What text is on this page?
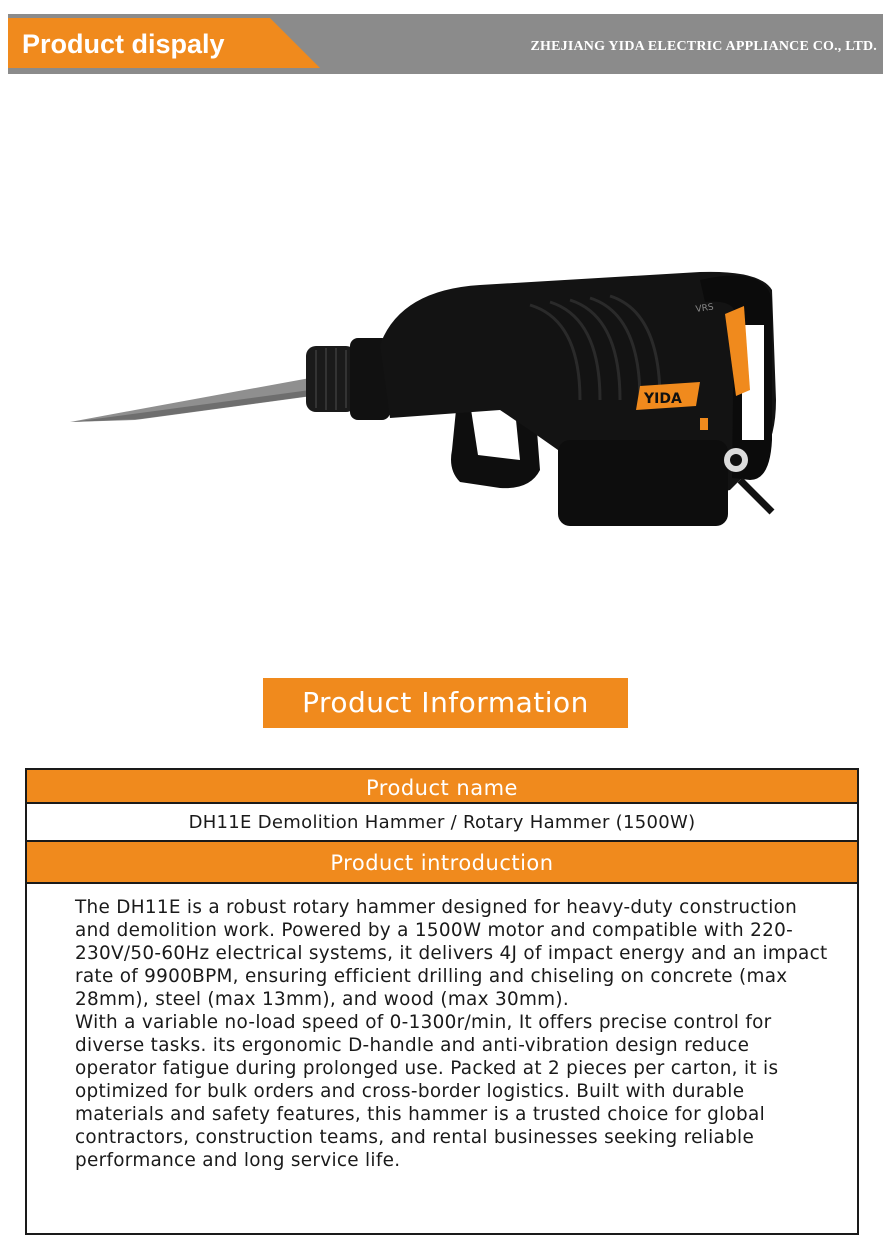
Product dispaly	ZHEJIANG YIDA ELECTRIC APPLIANCE CO., LTD.
YIDA
VRS
Product Information
Product name
DH11E Demolition Hammer / Rotary Hammer (1500W)
Product introduction

The DH11E is a robust rotary hammer designed for heavy-duty construction and demolition work. Powered by a 1500W motor and compatible with 220-230V/50-60Hz electrical systems, it delivers 4J of impact energy and an impact rate of 9900BPM, ensuring efficient drilling and chiseling on concrete (max 28mm), steel (max 13mm), and wood (max 30mm).

With a variable no-load speed of 0-1300r/min, It offers precise control for diverse tasks. its ergonomic D-handle and anti-vibration design reduce operator fatigue during prolonged use. Packed at 2 pieces per carton, it is optimized for bulk orders and cross-border logistics. Built with durable materials and safety features, this hammer is a trusted choice for global contractors, construction teams, and rental businesses seeking reliable performance and long service life.
